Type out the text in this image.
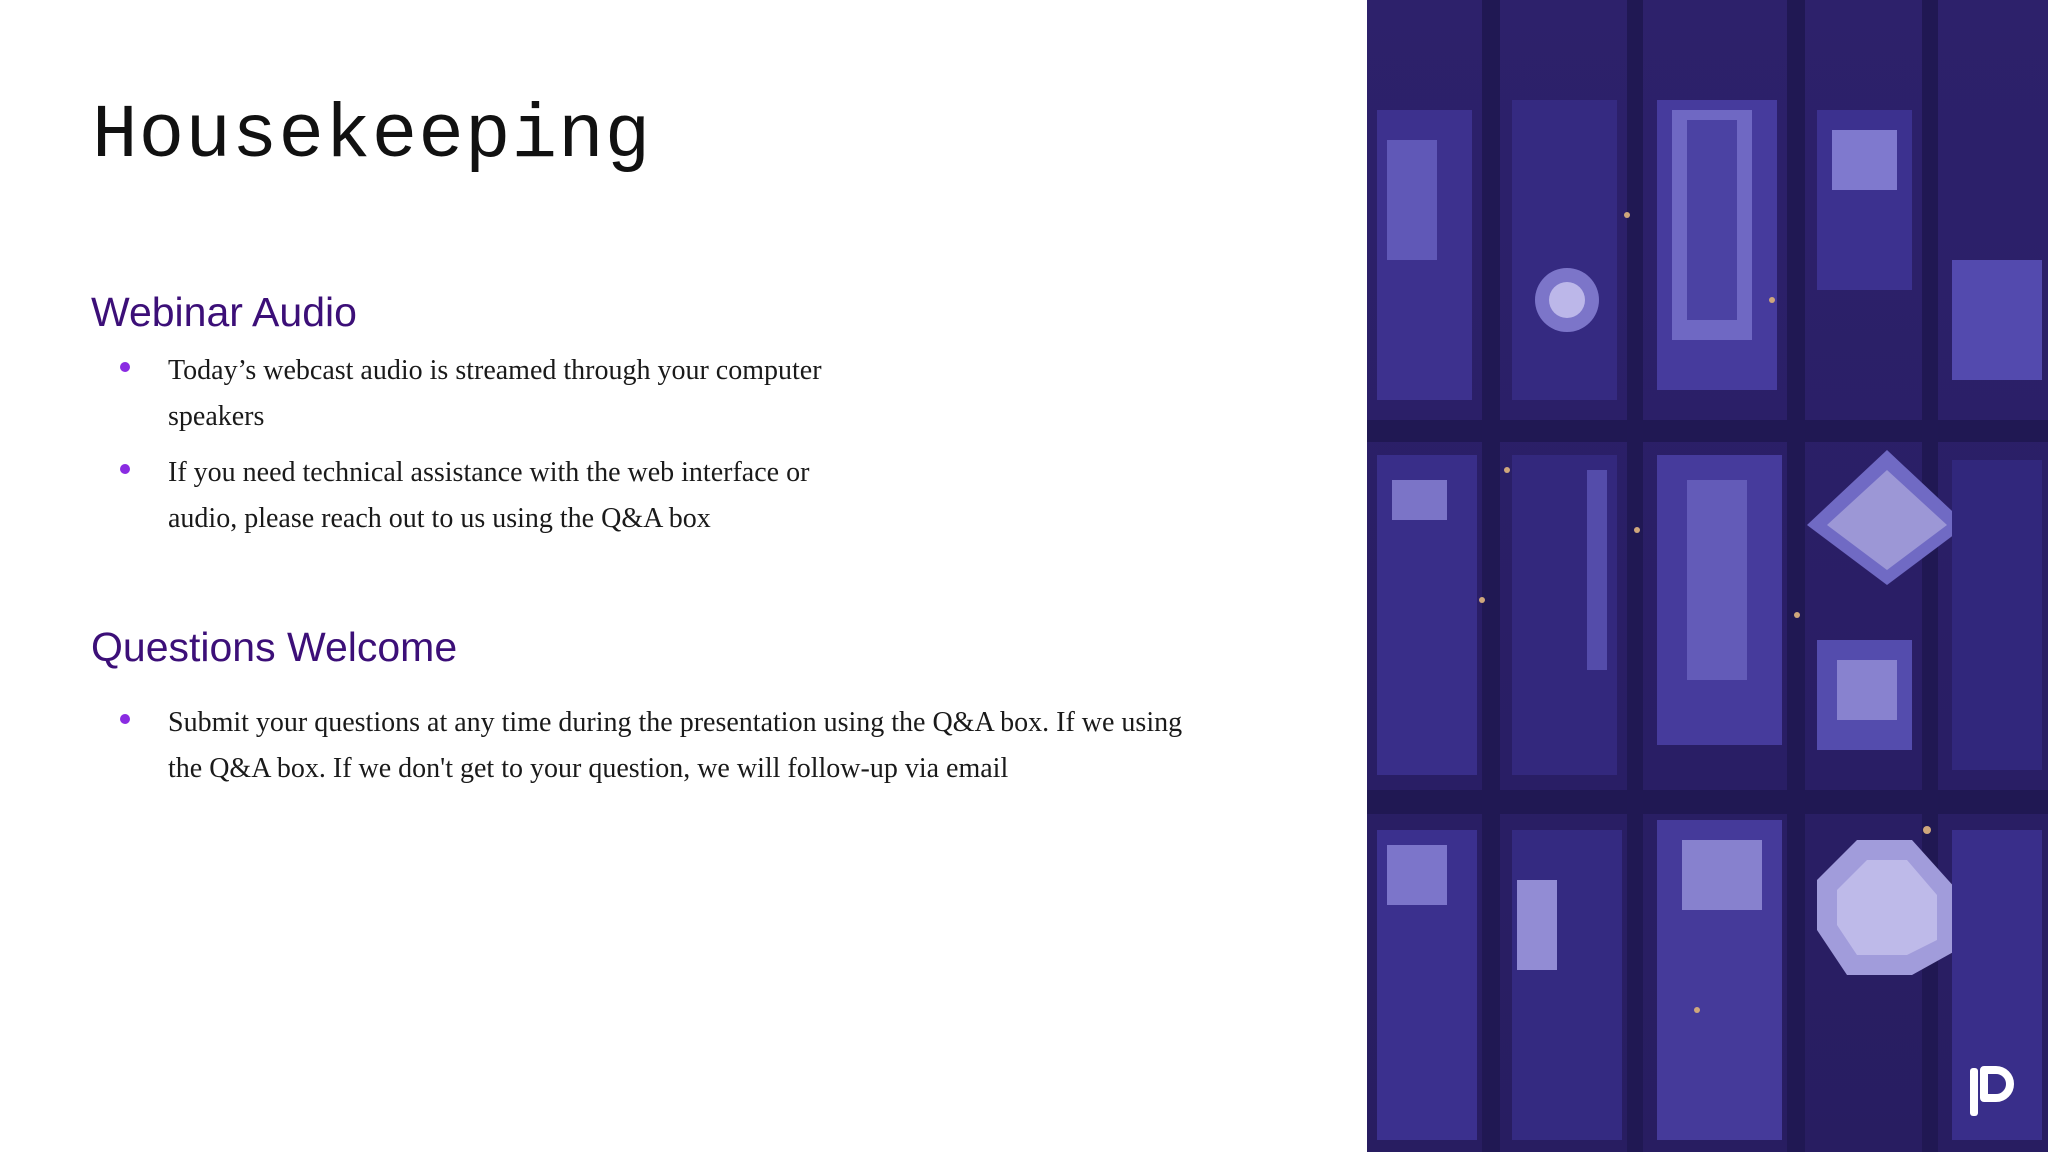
Housekeeping
Webinar Audio
Today’s webcast audio is streamed through your computer speakers
If you need technical assistance with the web interface or audio, please reach out to us using the Q&A box
Questions Welcome
Submit your questions at any time during the presentation using the Q&A box. If we using the Q&A box. If we don't get to your question, we will follow-up via email
